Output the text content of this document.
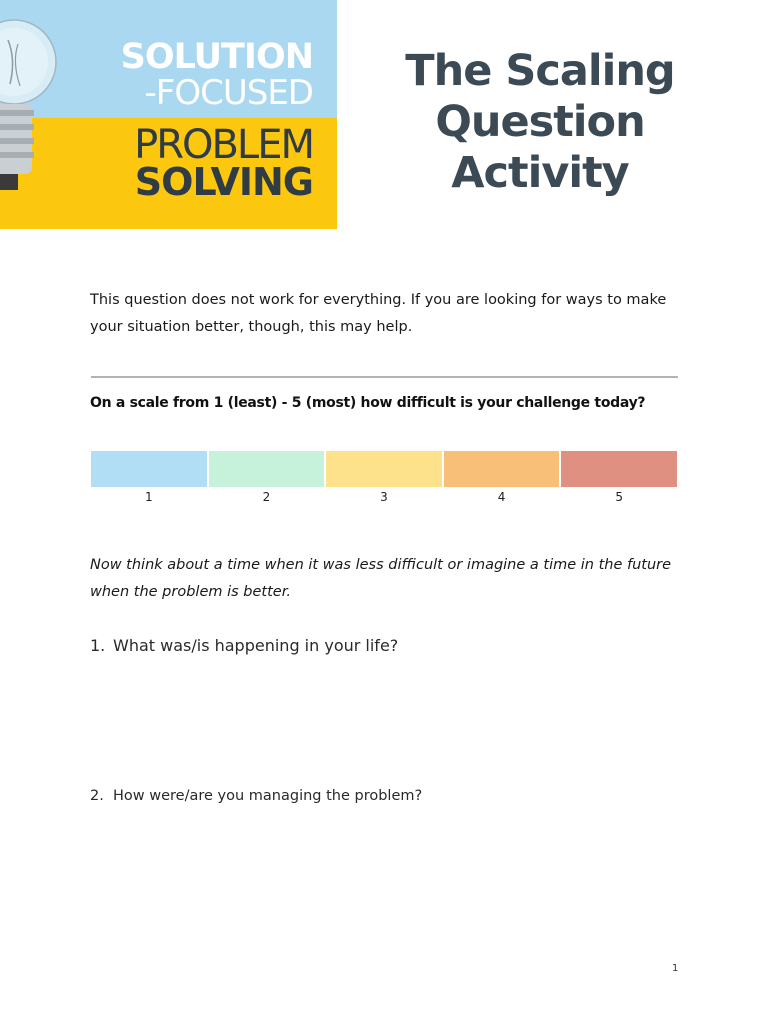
SOLUTION
-FOCUSED
PROBLEM
SOLVING
The Scaling
Question
Activity
This question does not work for everything. If you are looking for ways to make your situation better, though, this may help.
On a scale from 1 (least) - 5 (most) how difficult is your challenge today?
1	2	3	4	5
Now think about a time when it was less difficult or imagine a time in the future when the problem is better.
1. What was/is happening in your life?
2. How were/are you managing the problem?
1
